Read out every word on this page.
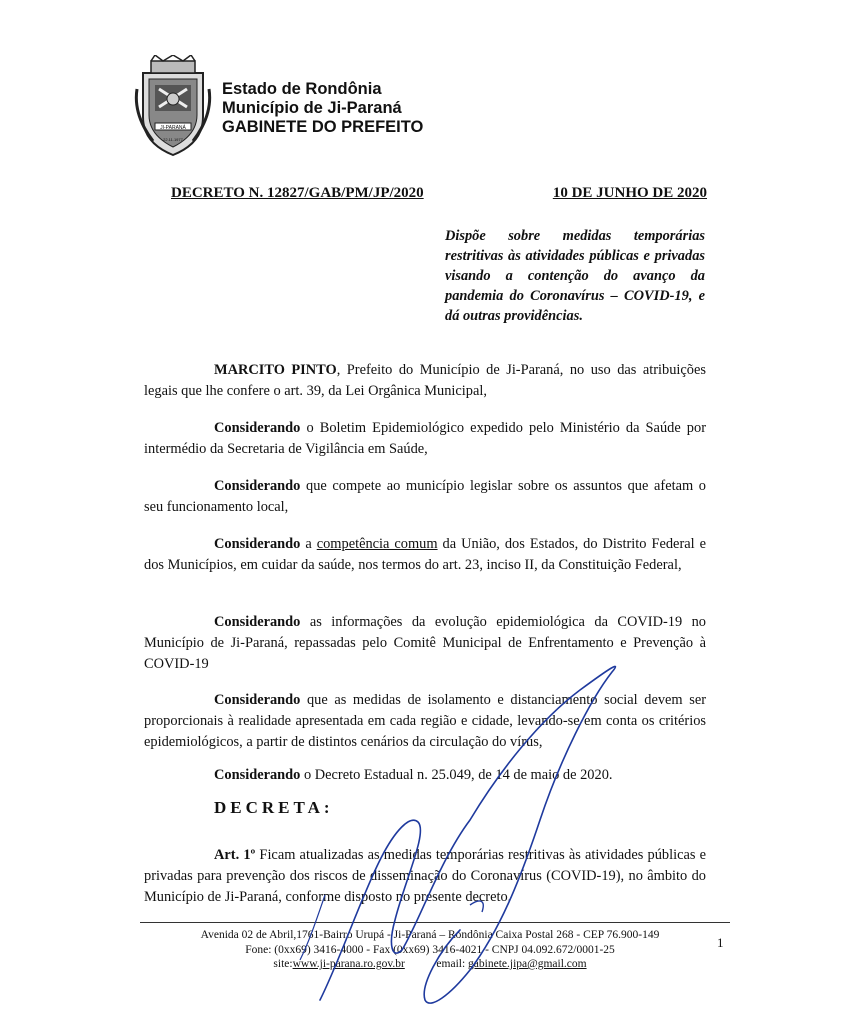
JI-PARANÁ
22.11.1977
Estado de Rondônia
Município de Ji-Paraná
GABINETE DO PREFEITO
DECRETO N. 12827/GAB/PM/JP/2020	10 DE JUNHO DE 2020
Dispõe sobre medidas temporárias restritivas às atividades públicas e privadas visando a contenção do avanço da pandemia do Coronavírus – COVID-19, e dá outras providências.
MARCITO PINTO, Prefeito do Município de Ji-Paraná, no uso das atribuições legais que lhe confere o art. 39, da Lei Orgânica Municipal,
Considerando o Boletim Epidemiológico expedido pelo Ministério da Saúde por intermédio da Secretaria de Vigilância em Saúde,
Considerando que compete ao município legislar sobre os assuntos que afetam o seu funcionamento local,
Considerando a competência comum da União, dos Estados, do Distrito Federal e dos Municípios, em cuidar da saúde, nos termos do art. 23, inciso II, da Constituição Federal,
Considerando as informações da evolução epidemiológica da COVID-19 no Município de Ji-Paraná, repassadas pelo Comitê Municipal de Enfrentamento e Prevenção à COVID-19
Considerando que as medidas de isolamento e distanciamento social devem ser proporcionais à realidade apresentada em cada região e cidade, levando-se em conta os critérios epidemiológicos, a partir de distintos cenários da circulação do vírus,
Considerando o Decreto Estadual n. 25.049, de 14 de maio de 2020.
DECRETA:
Art. 1º Ficam atualizadas as medidas temporárias restritivas às atividades públicas e privadas para prevenção dos riscos de disseminação do Coronavírus (COVID-19), no âmbito do Município de Ji-Paraná, conforme disposto no presente decreto.
Avenida 02 de Abril,1761-Bairro Urupá - Ji-Paraná – Rondônia Caixa Postal 268 - CEP 76.900-149
Fone: (0xx69) 3416-4000 - Fax (0xx69) 3416-4021 - CNPJ 04.092.672/0001-25
site:www.ji-parana.ro.gov.br	email: gabinete.jipa@gmail.com
1
